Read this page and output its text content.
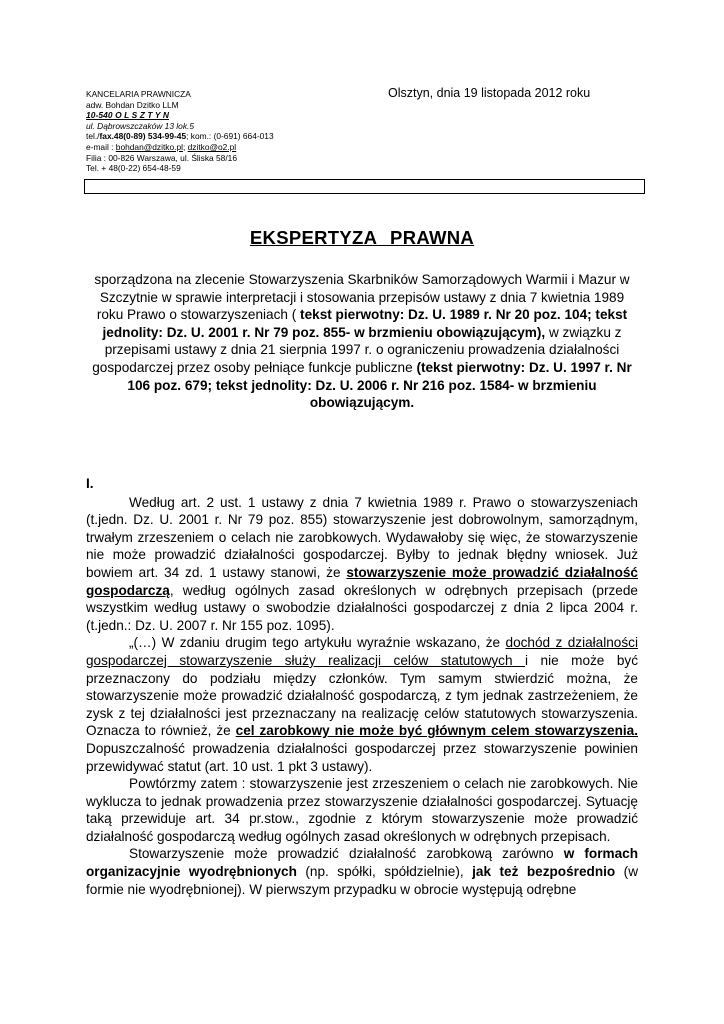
KANCELARIA PRAWNICZA
adw. Bohdan Dzitko LLM
10-540 O L S Z T Y N
ul. Dąbrowszczaków 13 lok.5
tel./fax.48(0-89) 534-99-45; kom.: (0-691) 664-013
e-mail : bohdan@dzitko.pl; dzitko@o2.pl
Filia : 00-826 Warszawa, ul. Śliska 58/16
Tel. + 48(0-22) 654-48-59
Olsztyn, dnia 19 listopada 2012 roku
EKSPERTYZA PRAWNA
sporządzona na zlecenie Stowarzyszenia Skarbników Samorządowych Warmii i Mazur w Szczytnie w sprawie interpretacji i stosowania przepisów ustawy z dnia 7 kwietnia 1989 roku Prawo o stowarzyszeniach ( tekst pierwotny: Dz. U. 1989 r. Nr 20 poz. 104; tekst jednolity: Dz. U. 2001 r. Nr 79 poz. 855- w brzmieniu obowiązującym), w związku z przepisami ustawy z dnia 21 sierpnia 1997 r. o ograniczeniu prowadzenia działalności gospodarczej przez osoby pełniące funkcje publiczne (tekst pierwotny: Dz. U. 1997 r. Nr 106 poz. 679; tekst jednolity: Dz. U. 2006 r. Nr 216 poz. 1584- w brzmieniu obowiązującym.
I.

Według art. 2 ust. 1 ustawy z dnia 7 kwietnia 1989 r. Prawo o stowarzyszeniach (t.jedn. Dz. U. 2001 r. Nr 79 poz. 855) stowarzyszenie jest dobrowolnym, samorządnym, trwałym zrzeszeniem o celach nie zarobkowych. Wydawałoby się więc, że stowarzyszenie nie może prowadzić działalności gospodarczej. Byłby to jednak błędny wniosek. Już bowiem art. 34 zd. 1 ustawy stanowi, że stowarzyszenie może prowadzić działalność gospodarczą, według ogólnych zasad określonych w odrębnych przepisach (przede wszystkim według ustawy o swobodzie działalności gospodarczej z dnia 2 lipca 2004 r. (t.jedn.: Dz. U. 2007 r. Nr 155 poz. 1095).

„(…) W zdaniu drugim tego artykułu wyraźnie wskazano, że dochód z działalności gospodarczej stowarzyszenie służy realizacji celów statutowych i nie może być przeznaczony do podziału między członków. Tym samym stwierdzić można, że stowarzyszenie może prowadzić działalność gospodarczą, z tym jednak zastrzeżeniem, że zysk z tej działalności jest przeznaczany na realizację celów statutowych stowarzyszenia. Oznacza to również, że cel zarobkowy nie może być głównym celem stowarzyszenia. Dopuszczalność prowadzenia działalności gospodarczej przez stowarzyszenie powinien przewidywać statut (art. 10 ust. 1 pkt 3 ustawy).

Powtórzmy zatem : stowarzyszenie jest zrzeszeniem o celach nie zarobkowych. Nie wyklucza to jednak prowadzenia przez stowarzyszenie działalności gospodarczej. Sytuację taką przewiduje art. 34 pr.stow., zgodnie z którym stowarzyszenie może prowadzić działalność gospodarczą według ogólnych zasad określonych w odrębnych przepisach.

Stowarzyszenie może prowadzić działalność zarobkową zarówno w formach organizacyjnie wyodrębnionych (np. spółki, spółdzielnie), jak też bezpośrednio (w formie nie wyodrębnionej). W pierwszym przypadku w obrocie występują odrębne
